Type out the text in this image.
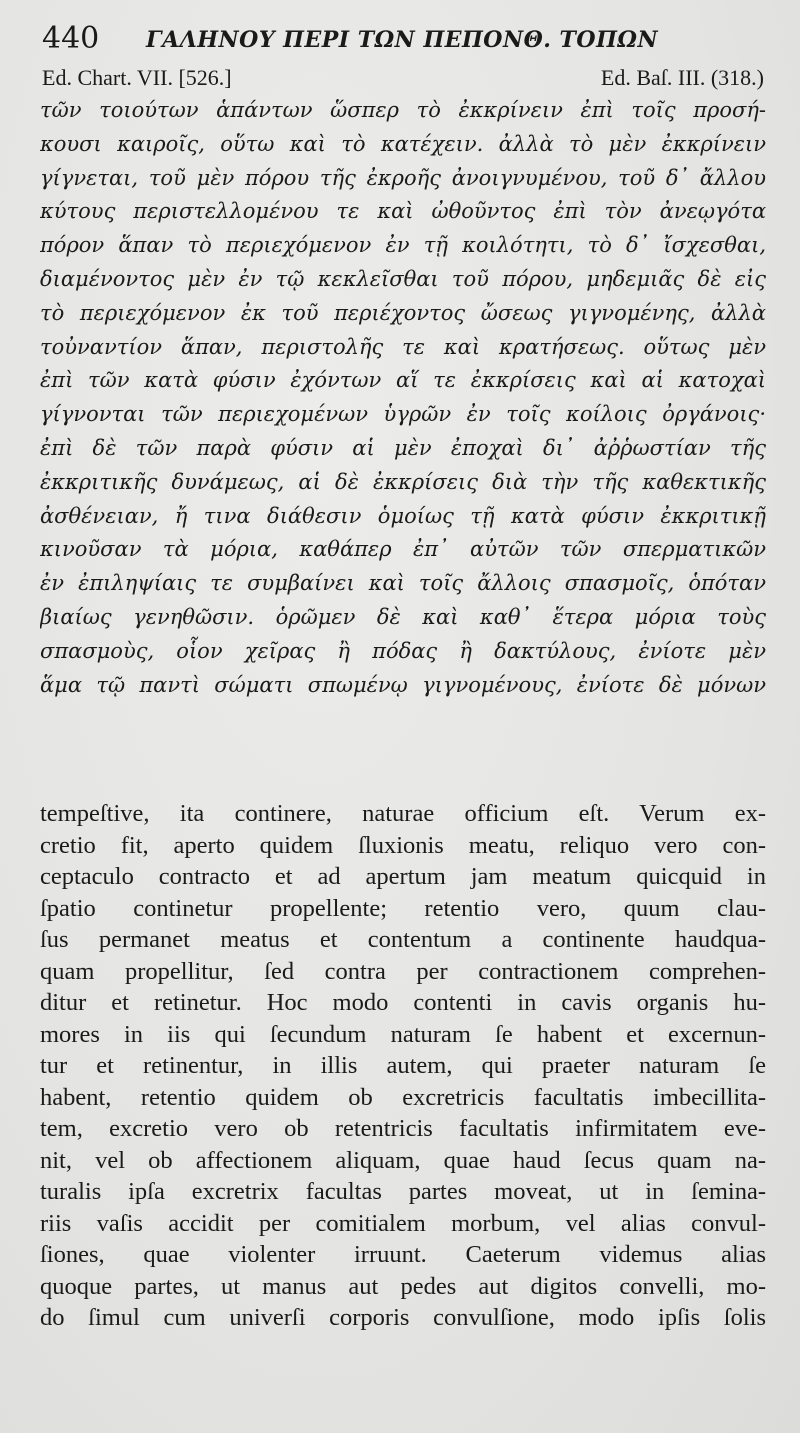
440 ΓΑΛΗΝΟΥ ΠΕΡΙ ΤΩΝ ΠΕΠΟΝΘ. ΤΟΠΩΝ
Ed. Chart. VII. [526.]	Ed. Baſ. III. (318.)
τῶν τοιούτων ἁπάντων ὥσπερ τὸ ἐκκρίνειν ἐπὶ τοῖς προσή-
κουσι καιροῖς, οὕτω καὶ τὸ κατέχειν. ἀλλὰ τὸ μὲν ἐκκρίνειν
γίγνεται, τοῦ μὲν πόρου τῆς ἐκροῆς ἀνοιγνυμένου, τοῦ δ᾽ ἄλλου
κύτους περιστελλομένου τε καὶ ὠθοῦντος ἐπὶ τὸν ἀνεῳγότα
πόρον ἅπαν τὸ περιεχόμενον ἐν τῇ κοιλότητι, τὸ δ᾽ ἴσχεσθαι,
διαμένοντος μὲν ἐν τῷ κεκλεῖσθαι τοῦ πόρου, μηδεμιᾶς δὲ εἰς
τὸ περιεχόμενον ἐκ τοῦ περιέχοντος ὤσεως γιγνομένης, ἀλλὰ
τοὐναντίον ἅπαν, περιστολῆς τε καὶ κρατήσεως. οὕτως μὲν
ἐπὶ τῶν κατὰ φύσιν ἐχόντων αἵ τε ἐκκρίσεις καὶ αἱ κατοχαὶ
γίγνονται τῶν περιεχομένων ὑγρῶν ἐν τοῖς κοίλοις ὀργάνοις·
ἐπὶ δὲ τῶν παρὰ φύσιν αἱ μὲν ἐποχαὶ δι᾽ ἀῤῥωστίαν τῆς
ἐκκριτικῆς δυνάμεως, αἱ δὲ ἐκκρίσεις διὰ τὴν τῆς καθεκτικῆς
ἀσθένειαν, ἤ τινα διάθεσιν ὁμοίως τῇ κατὰ φύσιν ἐκκριτικῇ
κινοῦσαν τὰ μόρια, καθάπερ ἐπ᾽ αὐτῶν τῶν σπερματικῶν
ἐν ἐπιληψίαις τε συμβαίνει καὶ τοῖς ἄλλοις σπασμοῖς, ὁπόταν
βιαίως γενηθῶσιν. ὁρῶμεν δὲ καὶ καθ᾽ ἕτερα μόρια τοὺς
σπασμοὺς, οἷον χεῖρας ἢ πόδας ἢ δακτύλους, ἐνίοτε μὲν
ἅμα τῷ παντὶ σώματι σπωμένῳ γιγνομένους, ἐνίοτε δὲ μόνων
tempeſtive, ita continere, naturae officium eſt. Verum ex-
cretio fit, aperto quidem ſluxionis meatu, reliquo vero con-
ceptaculo contracto et ad apertum jam meatum quicquid in
ſpatio continetur propellente; retentio vero, quum clau-
ſus permanet meatus et contentum a continente haudqua-
quam propellitur, ſed contra per contractionem comprehen-
ditur et retinetur. Hoc modo contenti in cavis organis hu-
mores in iis qui ſecundum naturam ſe habent et excernun-
tur et retinentur, in illis autem, qui praeter naturam ſe
habent, retentio quidem ob excretricis facultatis imbecillita-
tem, excretio vero ob retentricis facultatis infirmitatem eve-
nit, vel ob affectionem aliquam, quae haud ſecus quam na-
turalis ipſa excretrix facultas partes moveat, ut in ſemina-
riis vaſis accidit per comitialem morbum, vel alias convul-
ſiones, quae violenter irruunt. Caeterum videmus alias
quoque partes, ut manus aut pedes aut digitos convelli, mo-
do ſimul cum univerſi corporis convulſione, modo ipſis ſolis
